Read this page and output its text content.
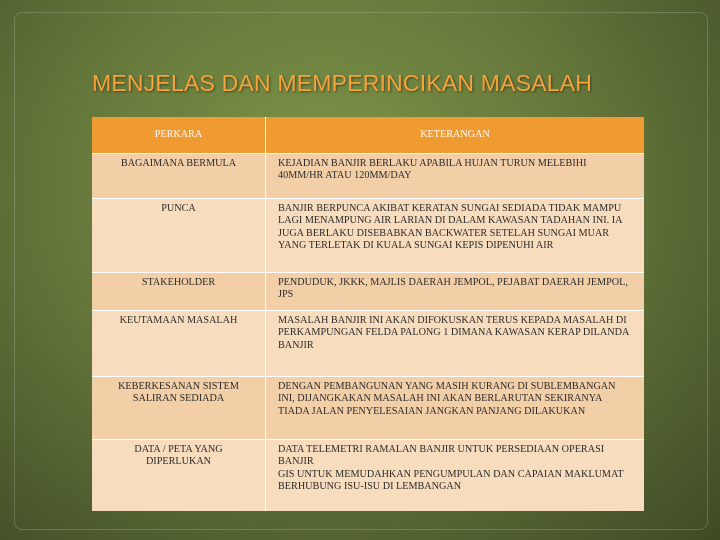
MENJELAS DAN MEMPERINCIKAN MASALAH
PERKARA	KETERANGAN
BAGAIMANA BERMULA	KEJADIAN BANJIR BERLAKU APABILA HUJAN TURUN MELEBIHI 40MM/HR ATAU 120MM/DAY
PUNCA	BANJIR BERPUNCA AKIBAT KERATAN SUNGAI SEDIADA TIDAK MAMPU LAGI MENAMPUNG AIR LARIAN DI DALAM KAWASAN TADAHAN INI. IA JUGA BERLAKU DISEBABKAN BACKWATER SETELAH SUNGAI MUAR YANG TERLETAK DI KUALA SUNGAI KEPIS DIPENUHI AIR
STAKEHOLDER	PENDUDUK, JKKK, MAJLIS DAERAH JEMPOL, PEJABAT DAERAH JEMPOL, JPS
KEUTAMAAN MASALAH	MASALAH BANJIR INI AKAN DIFOKUSKAN TERUS KEPADA MASALAH DI PERKAMPUNGAN FELDA PALONG 1 DIMANA KAWASAN KERAP DILANDA BANJIR
KEBERKESANAN SISTEM SALIRAN SEDIADA	DENGAN PEMBANGUNAN YANG MASIH KURANG DI SUBLEMBANGAN INI, DIJANGKAKAN MASALAH INI AKAN BERLARUTAN SEKIRANYA TIADA JALAN PENYELESAIAN JANGKAN PANJANG DILAKUKAN
DATA / PETA YANG DIPERLUKAN	DATA TELEMETRI RAMALAN BANJIR UNTUK PERSEDIAAN OPERASI BANJIR
GIS UNTUK MEMUDAHKAN PENGUMPULAN DAN CAPAIAN MAKLUMAT BERHUBUNG ISU-ISU DI LEMBANGAN
